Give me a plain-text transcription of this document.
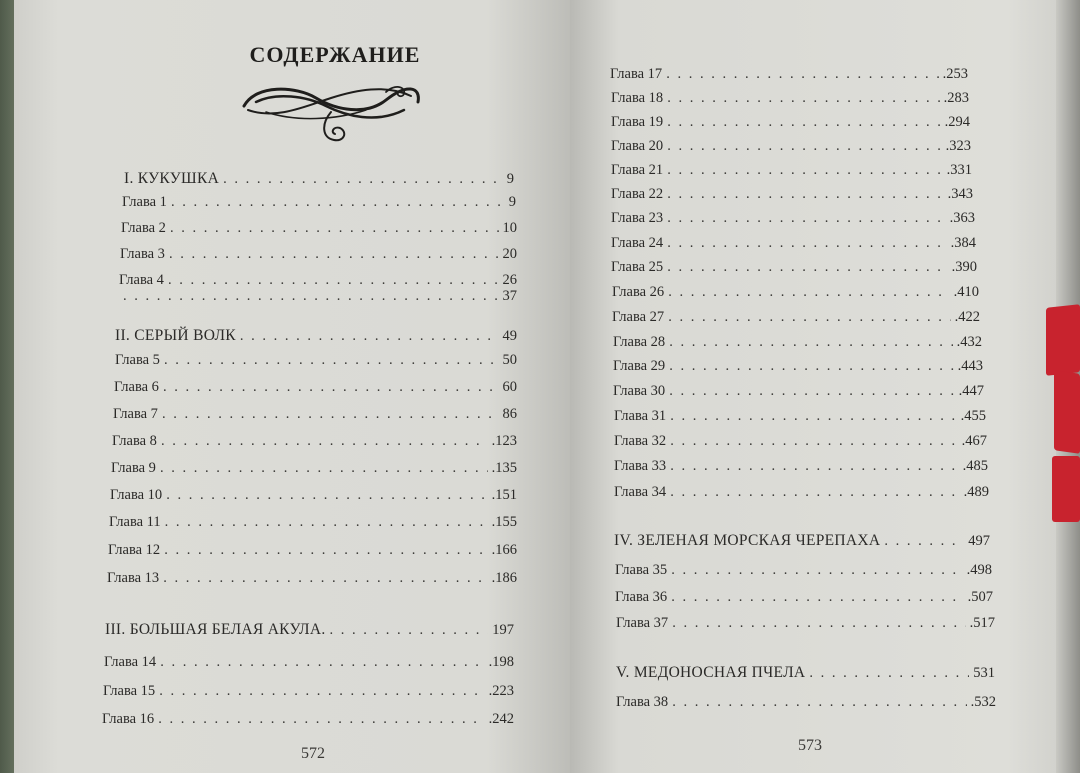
СОДЕРЖАНИЕ
I. КУКУШКА . . .	9
Глава 1 . . .	9
Глава 2 . . .	10
Глава 3 . . .	20
Глава 4 . . .	26
. . .
37
II. СЕРЫЙ ВОЛК . . .	49
Глава 5 . . .	50
Глава 6 . . .	60
Глава 7 . . .	86
Глава 8 . . .	.123
Глава 9 . . .	.135
Глава 10 . . .	.151
Глава 11 . . .	.155
Глава 12 . . .	.166
Глава 13 . . .	.186
III. БОЛЬШАЯ БЕЛАЯ АКУЛА. . . .	197
Глава 14 . . .	.198
Глава 15 . . .	.223
Глава 16 . . .	.242
Глава 17 . . .	.253
Глава 18 . . .	.283
Глава 19 . . .	.294
Глава 20 . . .	.323
Глава 21 . . .	.331
Глава 22 . . .	.343
Глава 23 . . .	.363
Глава 24 . . .	.384
Глава 25 . . .	.390
Глава 26 . . .	.410
Глава 27 . . .	.422
Глава 28 . . .	.432
Глава 29 . . .	.443
Глава 30 . . .	.447
Глава 31 . . .	.455
Глава 32 . . .	.467
Глава 33 . . .	.485
Глава 34 . . .	.489
IV. ЗЕЛЕНАЯ МОРСКАЯ ЧЕРЕПАХА . . .	497
Глава 35 . . .	.498
Глава 36 . . .	.507
Глава 37 . . .	.517
V. МЕДОНОСНАЯ ПЧЕЛА . . .	531
Глава 38 . . .	.532
572	573
